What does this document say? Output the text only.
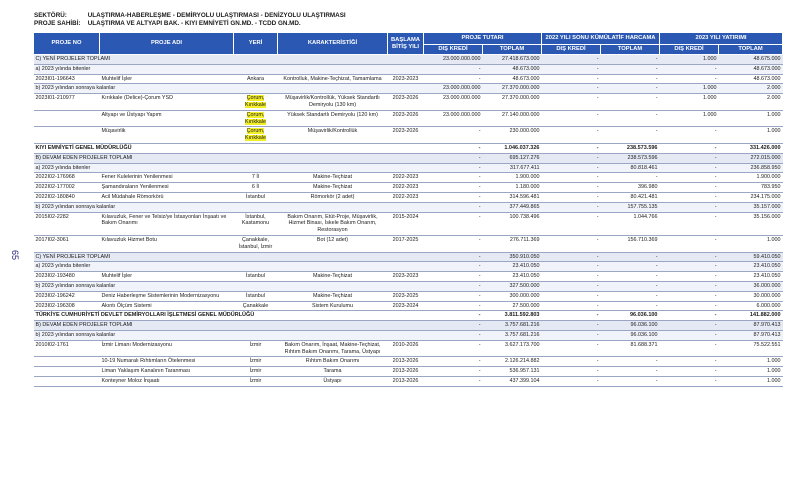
65
SEKTÖRÜ:	ULAŞTIRMA-HABERLEŞME - DEMİRYOLU ULAŞTIRMASI - DENİZYOLU ULAŞTIRMASI
PROJE SAHİBİ: ULAŞTIRMA VE ALTYAPI BAK. - KIYI EMNİYETİ GN.MD. - TCDD GN.MD.
PROJE NO	PROJE ADI	YERİ	KARAKTERİSTİĞİ	BAŞLAMA BİTİŞ YILI	PROJE TUTARI		2022 YILI SONU KÜMÜLATİF HARCAMA		2023 YILI YATIRIMI	
					DIŞ KREDİ	TOPLAM	DIŞ KREDİ	TOPLAM	DIŞ KREDİ	TOPLAM
C) YENİ PROJELER TOPLAMI					23.000.000.000	27.418.673.000	-	-	1.000	48.675.000
a) 2023 yılında bitenler					-	48.673.000	-	-	-	48.673.000
2023I01-196643	Muhtelif İşler	Ankara	Kontrolluk, Makine-Teçhizat, Tamamlama	2023-2023	-	48.673.000	-	-	-	48.673.000
b) 2023 yılından sonraya kalanlar					23.000.000.000	27.370.000.000	-	-	1.000	2.000
2023I01-210977	Kırıkkale (Delice)-Çorum YSD	Çorum, Kırıkkale	Müşavirlik/Kontrollük, Yüksek Standartlı Demiryolu (130 km)	2023-2026	23.000.000.000	27.370.000.000	-	-	1.000	2.000
	Altyapı ve Üstyapı Yapım	Çorum, Kırıkkale	Yüksek Standartlı Demiryolu (120 km)	2023-2026	23.000.000.000	27.140.000.000	-	-	1.000	1.000
	Müşavirlik	Çorum, Kırıkkale	Müşavirlik/Kontrollük	2023-2026	-	230.000.000	-	-	-	1.000
KIYI EMNİYETİ GENEL MÜDÜRLÜĞÜ					-	1.046.037.326	-	238.573.596	-	331.426.000
B) DEVAM EDEN PROJELER TOPLAMI					-	695.127.276	-	238.573.596	-	272.015.000
a) 2023 yılında bitenler					-	317.677.411	-	80.818.461	-	236.858.950
2022I02-176968	Fener Kulelerinin Yenilenmesi	7 İl	Makine-Teçhizat	2022-2023	-	1.900.000	-	-	-	1.900.000
2022I02-177002	Şamandıraların Yenilenmesi	6 İl	Makine-Teçhizat	2022-2023	-	1.180.000	-	396.980	-	783.950
2022I02-180840	Acil Müdahale Römorkörü	İstanbul	Römorkör (2 adet)	2022-2023	-	314.596.481	-	80.421.481	-	234.175.000
b) 2023 yılından sonraya kalanlar					-	377.449.865	-	157.755.135	-	35.157.000
2015I02-2282	Kılavuzluk, Fener ve Telsiz/ye İstasyonları İnşaatı ve Bakım Onarımı	İstanbul, Kastamonu	Bakım Onarım, Etüt-Proje, Müşavirlik, Hizmet Binası, İskele Bakım Onarım, Restorasyon	2015-2024	-	100.738.496	-	1.044.766	-	35.156.000
2017I02-3061	Kılavuzluk Hizmet Botu	Çanakkale, İstanbul, İzmir	Bot (12 adet)	2017-2025	-	276.711.369	-	156.710.369	-	1.000
C) YENİ PROJELER TOPLAMI					-	350.910.050	-	-	-	59.410.050
a) 2023 yılında bitenler					-	23.410.050	-	-	-	23.410.050
2023I02-193480	Muhtelif İşler	İstanbul	Makine-Teçhizat	2023-2023	-	23.410.050	-	-	-	23.410.050
b) 2023 yılından sonraya kalanlar					-	327.500.000	-	-	-	36.000.000
2023I02-196242	Deniz Haberleşme Sistemlerinin Modernizasyonu	İstanbul	Makine-Teçhizat	2023-2025	-	300.000.000	-	-	-	30.000.000
2023I02-196308	Akıntı Ölçüm Sistemi	Çanakkale	Sistem Kurulumu	2023-2024	-	27.500.000	-	-	-	6.000.000
TÜRKİYE CUMHURİYETİ DEVLET DEMİRYOLLARI İŞLETMESİ GENEL MÜDÜRLÜĞÜ					-	3.811.592.803	-	96.036.100	-	141.882.000
B) DEVAM EDEN PROJELER TOPLAMI					-	3.757.681.216	-	96.036.100	-	87.970.413
b) 2023 yılından sonraya kalanlar					-	3.757.681.216	-	96.036.100	-	87.970.413
2010I02-1761	İzmir Limanı Modernizasyonu	İzmir	Bakım Onarım, İnşaat, Makine-Teçhizat, Rıhtım Bakım Onarımı, Tarama, Üstyapı	2010-2026	-	3.627.173.700	-	81.688.371	-	75.522.551
	10-19 Numaralı Rıhtımların Ötelenmesi	İzmir	Rıhtım Bakım Onarımı	2013-2026	-	2.126.214.882	-	-	-	1.000
	Liman Yaklaşım Kanalının Taranması	İzmir	Tarama	2013-2026	-	536.957.131	-	-	-	1.000
	Konteyner Moloz İnşaatı	İzmir	Üstyapı	2013-2026	-	437.399.104	-	-	-	1.000
